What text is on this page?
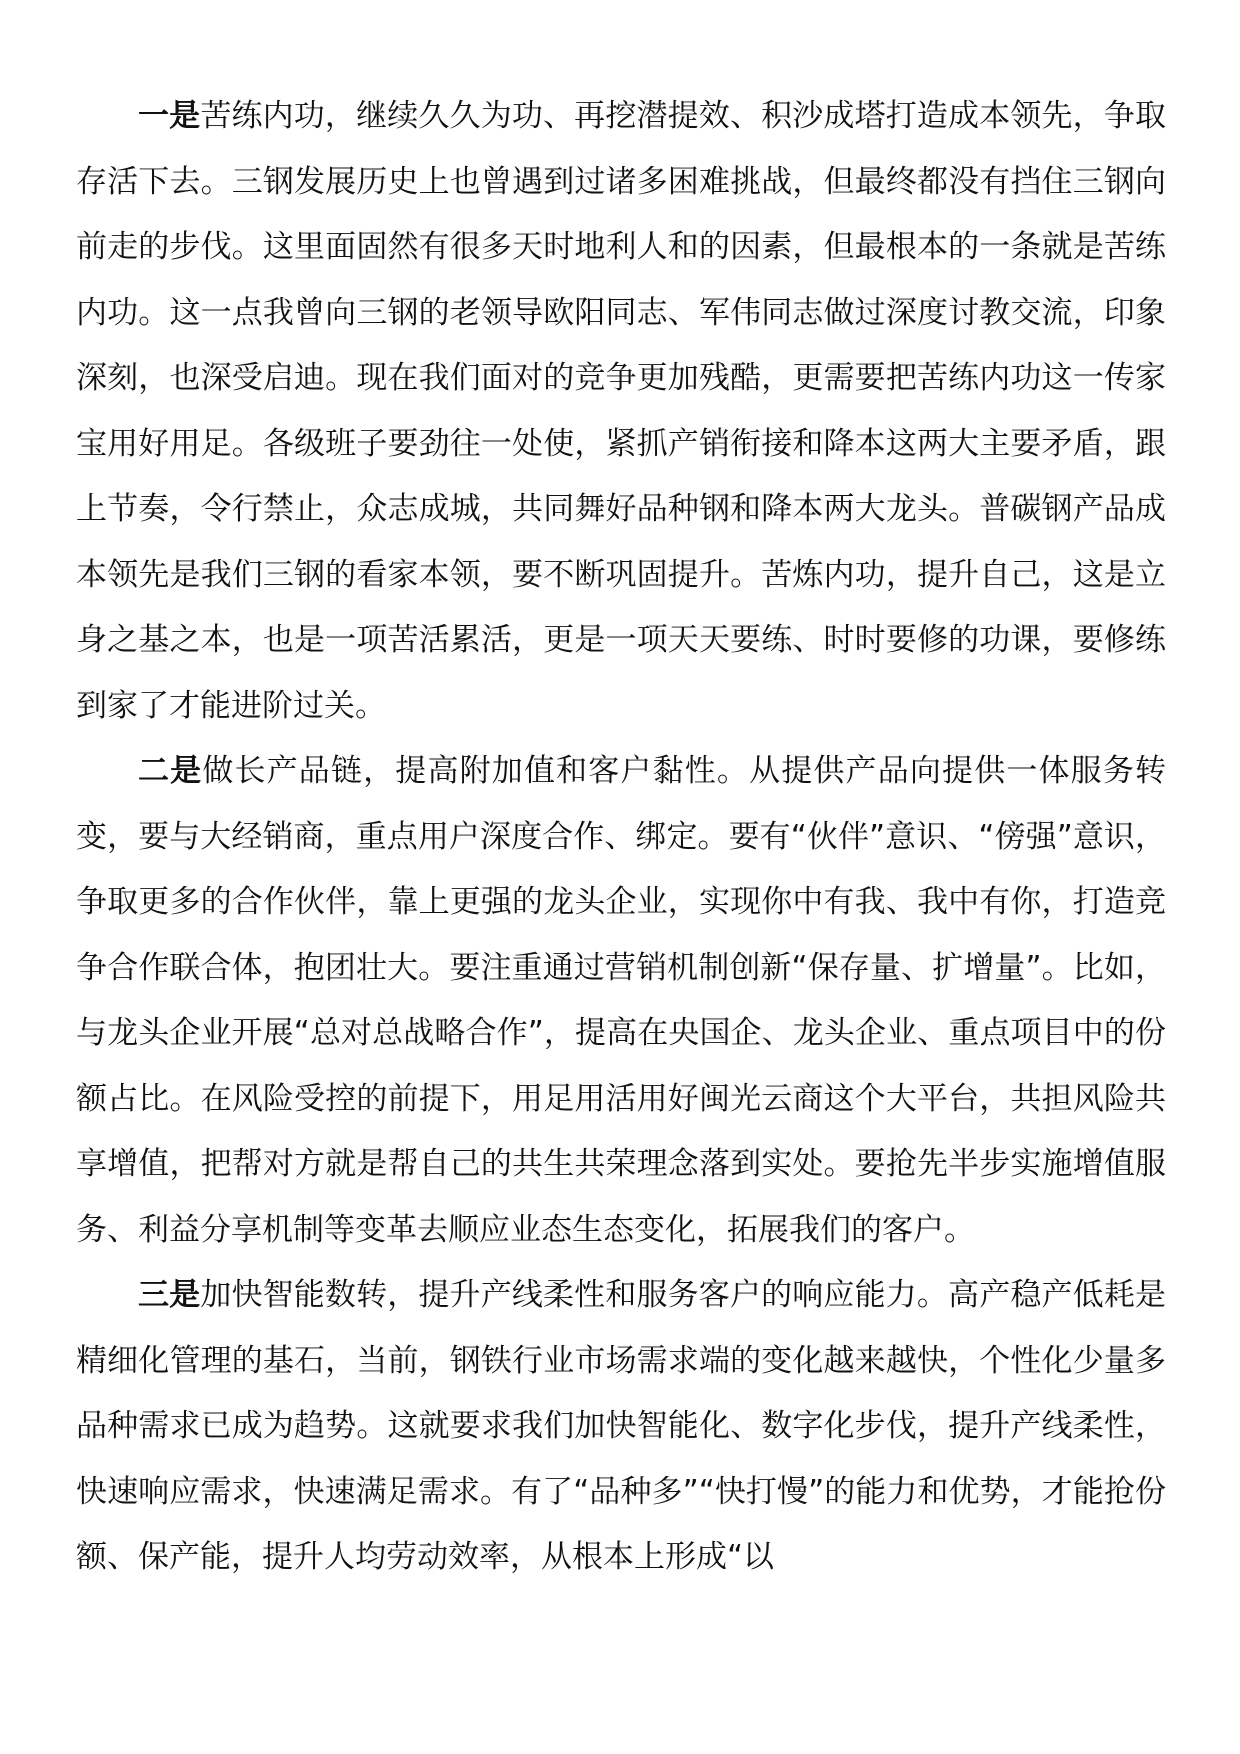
一是苦练内功，继续久久为功、再挖潜提效、积沙成塔打造成本领先，争取存活下去。三钢发展历史上也曾遇到过诸多困难挑战，但最终都没有挡住三钢向前走的步伐。这里面固然有很多天时地利人和的因素，但最根本的一条就是苦练内功。这一点我曾向三钢的老领导欧阳同志、军伟同志做过深度讨教交流，印象深刻，也深受启迪。现在我们面对的竞争更加残酷，更需要把苦练内功这一传家宝用好用足。各级班子要劲往一处使，紧抓产销衔接和降本这两大主要矛盾，跟上节奏，令行禁止，众志成城，共同舞好品种钢和降本两大龙头。普碳钢产品成本领先是我们三钢的看家本领，要不断巩固提升。苦炼内功，提升自己，这是立身之基之本，也是一项苦活累活，更是一项天天要练、时时要修的功课，要修练到家了才能进阶过关。

二是做长产品链，提高附加值和客户黏性。从提供产品向提供一体服务转变，要与大经销商，重点用户深度合作、绑定。要有“伙伴”意识、“傍强”意识，争取更多的合作伙伴，靠上更强的龙头企业，实现你中有我、我中有你，打造竞争合作联合体，抱团壮大。要注重通过营销机制创新“保存量、扩增量”。比如，与龙头企业开展“总对总战略合作”，提高在央国企、龙头企业、重点项目中的份额占比。在风险受控的前提下，用足用活用好闽光云商这个大平台，共担风险共享增值，把帮对方就是帮自己的共生共荣理念落到实处。要抢先半步实施增值服务、利益分享机制等变革去顺应业态生态变化，拓展我们的客户。

三是加快智能数转，提升产线柔性和服务客户的响应能力。高产稳产低耗是精细化管理的基石，当前，钢铁行业市场需求端的变化越来越快，个性化少量多品种需求已成为趋势。这就要求我们加快智能化、数字化步伐，提升产线柔性，快速响应需求，快速满足需求。有了“品种多”“快打慢”的能力和优势，才能抢份额、保产能，提升人均劳动效率，从根本上形成“以
